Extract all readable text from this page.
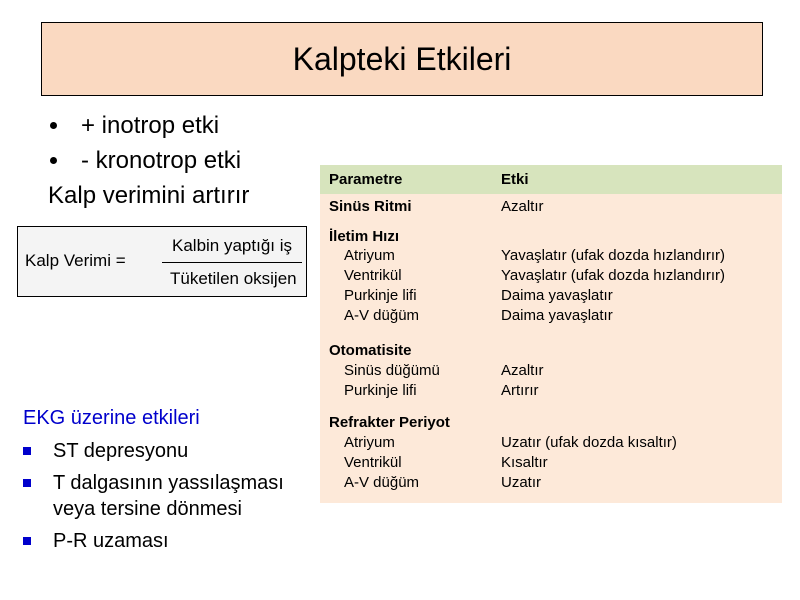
Kalpteki Etkileri
+ inotrop etki
- kronotrop etki
Kalp verimini artırır
Kalp Verimi =
Kalbin yaptığı iş
Tüketilen oksijen
EKG üzerine etkileri
ST depresyonu
T dalgasının yassılaşması veya tersine dönmesi
P-R uzaması
Parametre	Etki
Sinüs Ritmi	Azaltır
İletim Hızı
Atriyum	Yavaşlatır (ufak dozda hızlandırır)
Ventrikül	Yavaşlatır (ufak dozda hızlandırır)
Purkinje lifi	Daima yavaşlatır
A-V düğüm	Daima yavaşlatır
Otomatisite
Sinüs düğümü	Azaltır
Purkinje lifi	Artırır
Refrakter Periyot
Atriyum	Uzatır (ufak dozda kısaltır)
Ventrikül	Kısaltır
A-V düğüm	Uzatır
